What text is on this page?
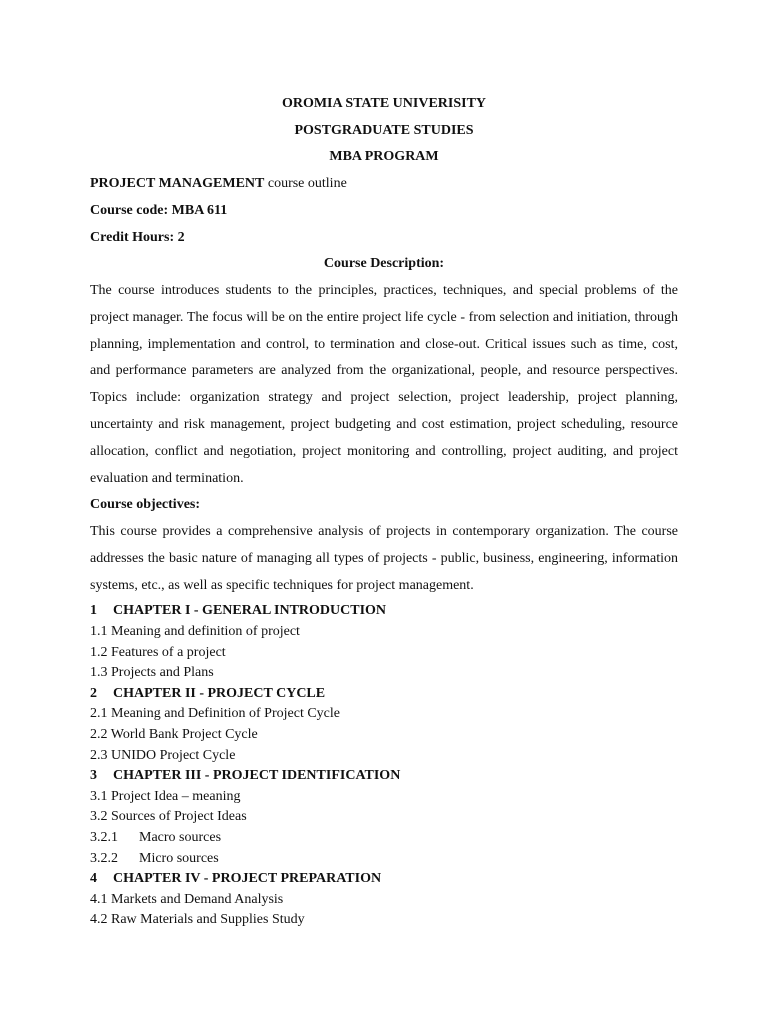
OROMIA STATE UNIVERISITY
POSTGRADUATE STUDIES
MBA PROGRAM
PROJECT MANAGEMENT course outline
Course code: MBA 611
Credit Hours: 2
Course Description:

The course introduces students to the principles, practices, techniques, and special problems of the project manager. The focus will be on the entire project life cycle - from selection and initiation, through planning, implementation and control, to termination and close-out. Critical issues such as time, cost, and performance parameters are analyzed from the organizational, people, and resource perspectives. Topics include: organization strategy and project selection, project leadership, project planning, uncertainty and risk management, project budgeting and cost estimation, project scheduling, resource allocation, conflict and negotiation, project monitoring and controlling, project auditing, and project evaluation and termination.

Course objectives:

This course provides a comprehensive analysis of projects in contemporary organization. The course addresses the basic nature of managing all types of projects - public, business, engineering, information systems, etc., as well as specific techniques for project management.

1 CHAPTER I - GENERAL INTRODUCTION
1.1 Meaning and definition of project
1.2 Features of a project
1.3 Projects and Plans
2 CHAPTER II - PROJECT CYCLE
2.1 Meaning and Definition of Project Cycle
2.2 World Bank Project Cycle
2.3 UNIDO Project Cycle
3 CHAPTER III - PROJECT IDENTIFICATION
3.1 Project Idea – meaning
3.2 Sources of Project Ideas
3.2.1 Macro sources
3.2.2 Micro sources
4 CHAPTER IV - PROJECT PREPARATION
4.1 Markets and Demand Analysis
4.2 Raw Materials and Supplies Study
